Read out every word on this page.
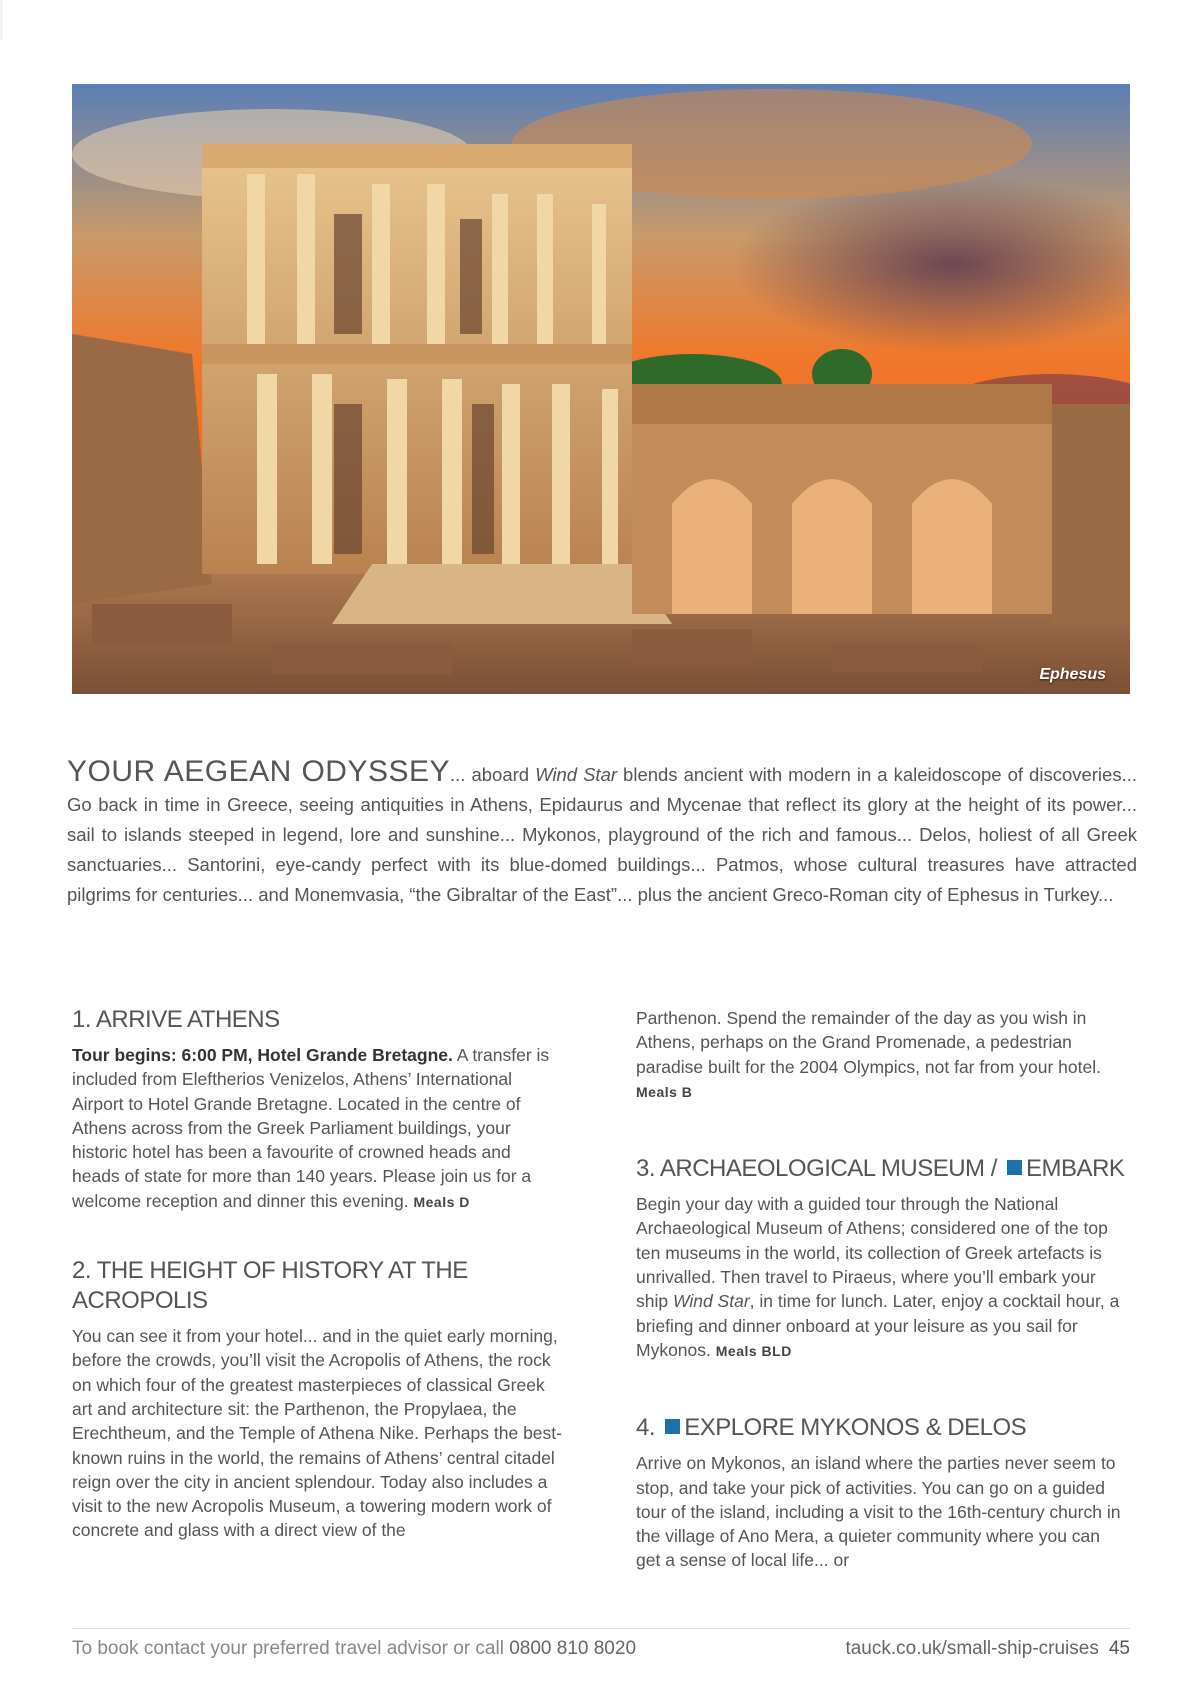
Ephesus
YOUR AEGEAN ODYSSEY... aboard Wind Star blends ancient with modern in a kaleidoscope of discoveries... Go back in time in Greece, seeing antiquities in Athens, Epidaurus and Mycenae that reflect its glory at the height of its power... sail to islands steeped in legend, lore and sunshine... Mykonos, playground of the rich and famous... Delos, holiest of all Greek sanctuaries... Santorini, eye-candy perfect with its blue-domed buildings... Patmos, whose cultural treasures have attracted pilgrims for centuries... and Monemvasia, “the Gibraltar of the East”... plus the ancient Greco-Roman city of Ephesus in Turkey...
1. ARRIVE ATHENS

Tour begins: 6:00 PM, Hotel Grande Bretagne. A transfer is included from Eleftherios Venizelos, Athens’ International Airport to Hotel Grande Bretagne. Located in the centre of Athens across from the Greek Parliament buildings, your historic hotel has been a favourite of crowned heads and heads of state for more than 140 years. Please join us for a welcome reception and dinner this evening. Meals D

2. THE HEIGHT OF HISTORY AT THE ACROPOLIS

You can see it from your hotel... and in the quiet early morning, before the crowds, you’ll visit the Acropolis of Athens, the rock on which four of the greatest masterpieces of classical Greek art and architecture sit: the Parthenon, the Propylaea, the Erechtheum, and the Temple of Athena Nike. Perhaps the best-known ruins in the world, the remains of Athens’ central citadel reign over the city in ancient splendour. Today also includes a visit to the new Acropolis Museum, a towering modern work of concrete and glass with a direct view of the

Parthenon. Spend the remainder of the day as you wish in Athens, perhaps on the Grand Promenade, a pedestrian paradise built for the 2004 Olympics, not far from your hotel. Meals B

3. ARCHAEOLOGICAL MUSEUM / EMBARK

Begin your day with a guided tour through the National Archaeological Museum of Athens; considered one of the top ten museums in the world, its collection of Greek artefacts is unrivalled. Then travel to Piraeus, where you’ll embark your ship Wind Star, in time for lunch. Later, enjoy a cocktail hour, a briefing and dinner onboard at your leisure as you sail for Mykonos. Meals BLD

4. EXPLORE MYKONOS & DELOS

Arrive on Mykonos, an island where the parties never seem to stop, and take your pick of activities. You can go on a guided tour of the island, including a visit to the 16th-century church in the village of Ano Mera, a quieter community where you can get a sense of local life... or

To book contact your preferred travel advisor or call 0800 810 8020	tauck.co.uk/small-ship-cruises 45
